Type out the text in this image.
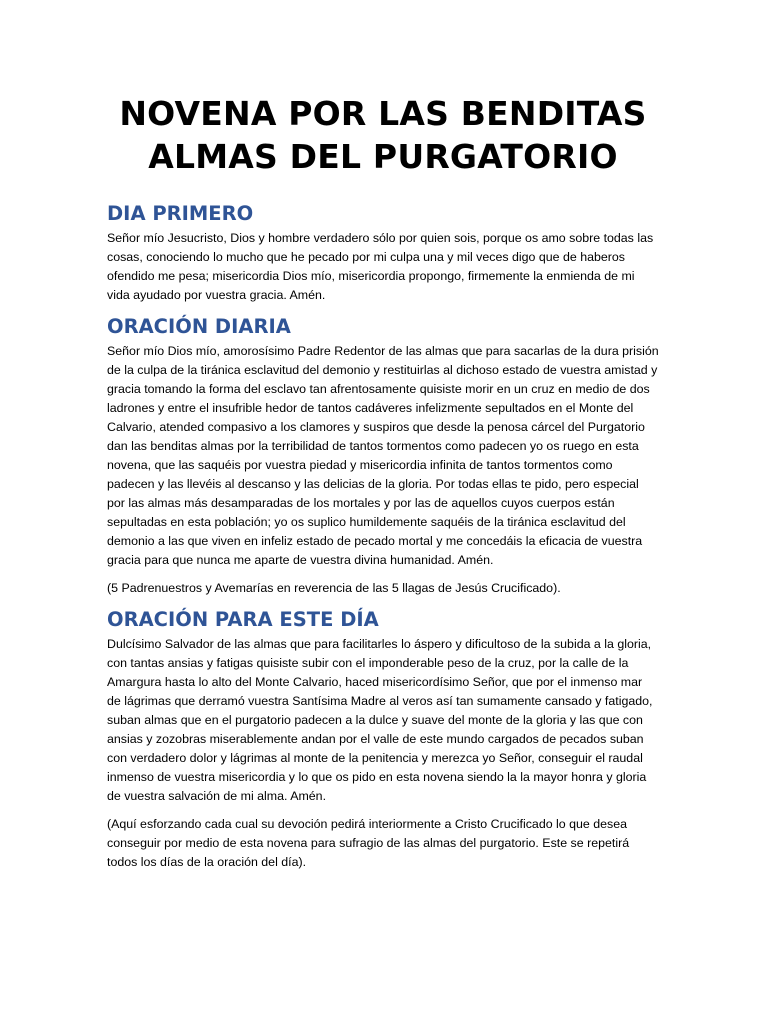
NOVENA POR LAS BENDITAS
ALMAS DEL PURGATORIO
DIA PRIMERO

Señor mío Jesucristo, Dios y hombre verdadero sólo por quien sois, porque os amo sobre todas las cosas, conociendo lo mucho que he pecado por mi culpa una y mil veces digo que de haberos ofendido me pesa; misericordia Dios mío, misericordia propongo, firmemente la enmienda de mi vida ayudado por vuestra gracia. Amén.

ORACIÓN DIARIA

Señor mío Dios mío, amorosísimo Padre Redentor de las almas que para sacarlas de la dura prisión de la culpa de la tiránica esclavitud del demonio y restituirlas al dichoso estado de vuestra amistad y gracia tomando la forma del esclavo tan afrentosamente quisiste morir en un cruz en medio de dos ladrones y entre el insufrible hedor de tantos cadáveres infelizmente sepultados en el Monte del Calvario, atended compasivo a los clamores y suspiros que desde la penosa cárcel del Purgatorio dan las benditas almas por la terribilidad de tantos tormentos como padecen yo os ruego en esta novena, que las saquéis por vuestra piedad y misericordia infinita de tantos tormentos como padecen y las llevéis al descanso y las delicias de la gloria. Por todas ellas te pido, pero especial por las almas más desamparadas de los mortales y por las de aquellos cuyos cuerpos están sepultadas en esta población; yo os suplico humildemente saquéis de la tiránica esclavitud del demonio a las que viven en infeliz estado de pecado mortal y me concedáis la eficacia de vuestra gracia para que nunca me aparte de vuestra divina humanidad. Amén.

(5 Padrenuestros y Avemarías en reverencia de las 5 llagas de Jesús Crucificado).

ORACIÓN PARA ESTE DÍA

Dulcísimo Salvador de las almas que para facilitarles lo áspero y dificultoso de la subida a la gloria, con tantas ansias y fatigas quisiste subir con el imponderable peso de la cruz, por la calle de la Amargura hasta lo alto del Monte Calvario, haced misericordísimo Señor, que por el inmenso mar de lágrimas que derramó vuestra Santísima Madre al veros así tan sumamente cansado y fatigado, suban almas que en el purgatorio padecen a la dulce y suave del monte de la gloria y las que con ansias y zozobras miserablemente andan por el valle de este mundo cargados de pecados suban con verdadero dolor y lágrimas al monte de la penitencia y merezca yo Señor, conseguir el raudal inmenso de vuestra misericordia y lo que os pido en esta novena siendo la la mayor honra y gloria de vuestra salvación de mi alma. Amén.

(Aquí esforzando cada cual su devoción pedirá interiormente a Cristo Crucificado lo que desea conseguir por medio de esta novena para sufragio de las almas del purgatorio. Este se repetirá todos los días de la oración del día).
